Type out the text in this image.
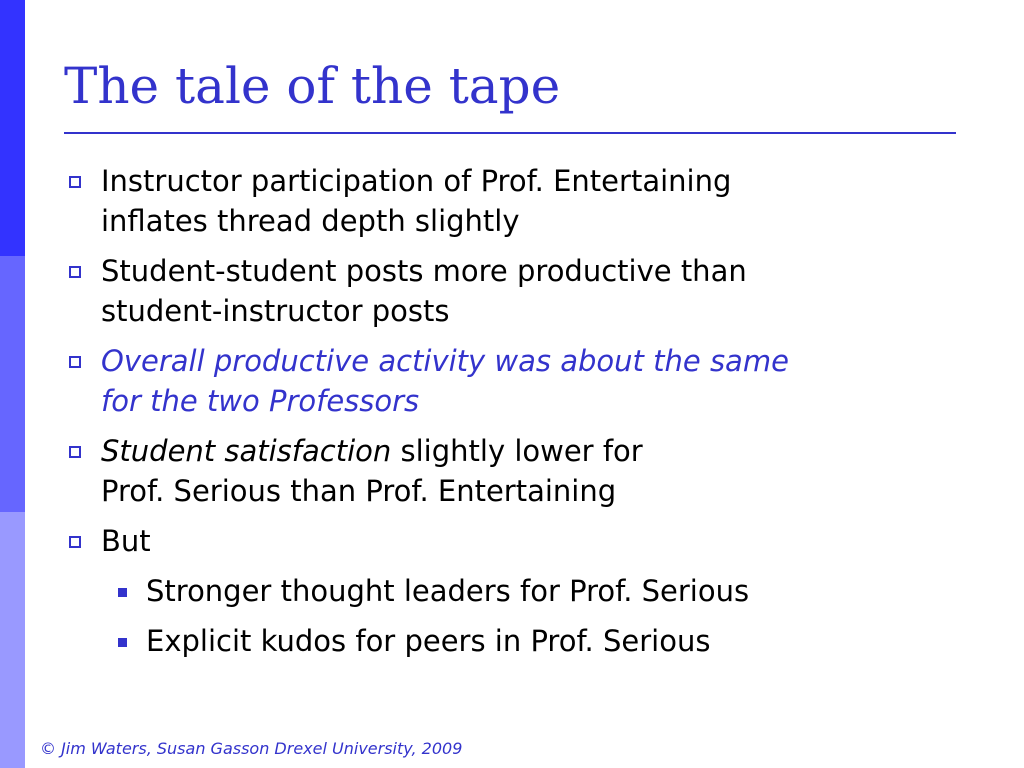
The tale of the tape
Instructor participation of Prof. Entertaining
inflates thread depth slightly
Student-student posts more productive than
student-instructor posts
Overall productive activity was about the same
for the two Professors
Student satisfaction slightly lower for
Prof. Serious than Prof. Entertaining
But
Stronger thought leaders for Prof. Serious
Explicit kudos for peers in Prof. Serious
© Jim Waters, Susan Gasson Drexel University, 2009
